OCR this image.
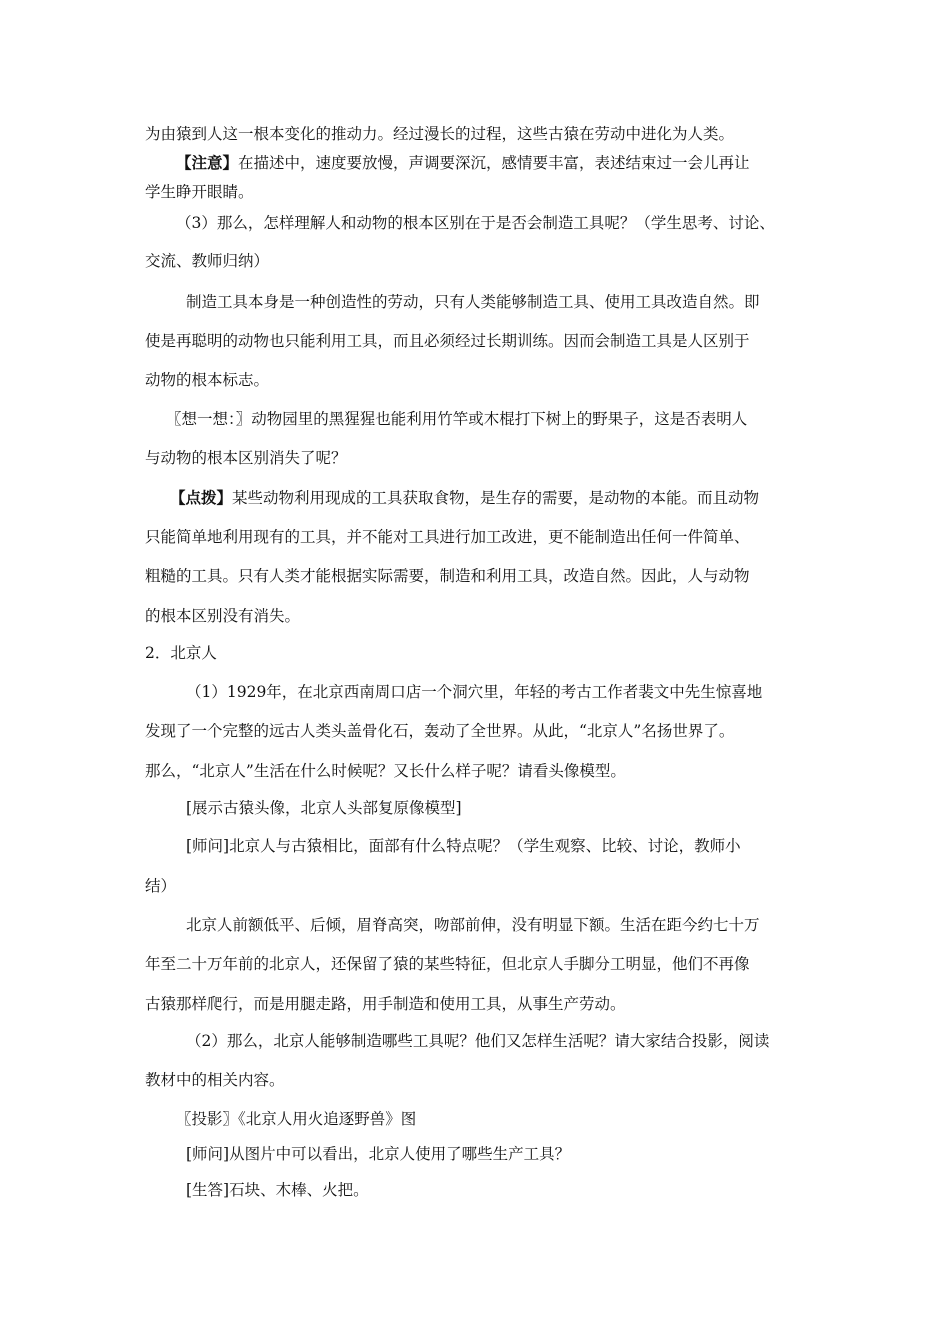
为由猿到人这一根本变化的推动力。经过漫长的过程，这些古猿在劳动中进化为人类。
【注意】在描述中，速度要放慢，声调要深沉，感情要丰富，表述结束过一会儿再让
学生睁开眼睛。
（3）那么，怎样理解人和动物的根本区别在于是否会制造工具呢？（学生思考、讨论、
交流、教师归纳）
制造工具本身是一种创造性的劳动，只有人类能够制造工具、使用工具改造自然。即
使是再聪明的动物也只能利用工具，而且必须经过长期训练。因而会制造工具是人区别于
动物的根本标志。
〖想一想：〗动物园里的黑猩猩也能利用竹竿或木棍打下树上的野果子，这是否表明人
与动物的根本区别消失了呢？
【点拨】某些动物利用现成的工具获取食物，是生存的需要，是动物的本能。而且动物
只能简单地利用现有的工具，并不能对工具进行加工改进，更不能制造出任何一件简单、
粗糙的工具。只有人类才能根据实际需要，制造和利用工具，改造自然。因此，人与动物
的根本区别没有消失。
2．北京人
（1）1929年，在北京西南周口店一个洞穴里，年轻的考古工作者裴文中先生惊喜地
发现了一个完整的远古人类头盖骨化石，轰动了全世界。从此，“北京人”名扬世界了。
那么，“北京人”生活在什么时候呢？又长什么样子呢？请看头像模型。
[展示古猿头像，北京人头部复原像模型]
[师问]北京人与古猿相比，面部有什么特点呢？（学生观察、比较、讨论，教师小
结）
北京人前额低平、后倾，眉脊高突，吻部前伸，没有明显下额。生活在距今约七十万
年至二十万年前的北京人，还保留了猿的某些特征，但北京人手脚分工明显，他们不再像
古猿那样爬行，而是用腿走路，用手制造和使用工具，从事生产劳动。
（2）那么，北京人能够制造哪些工具呢？他们又怎样生活呢？请大家结合投影，阅读
教材中的相关内容。
〖投影〗《北京人用火追逐野兽》图
[师问]从图片中可以看出，北京人使用了哪些生产工具？
[生答]石块、木棒、火把。
